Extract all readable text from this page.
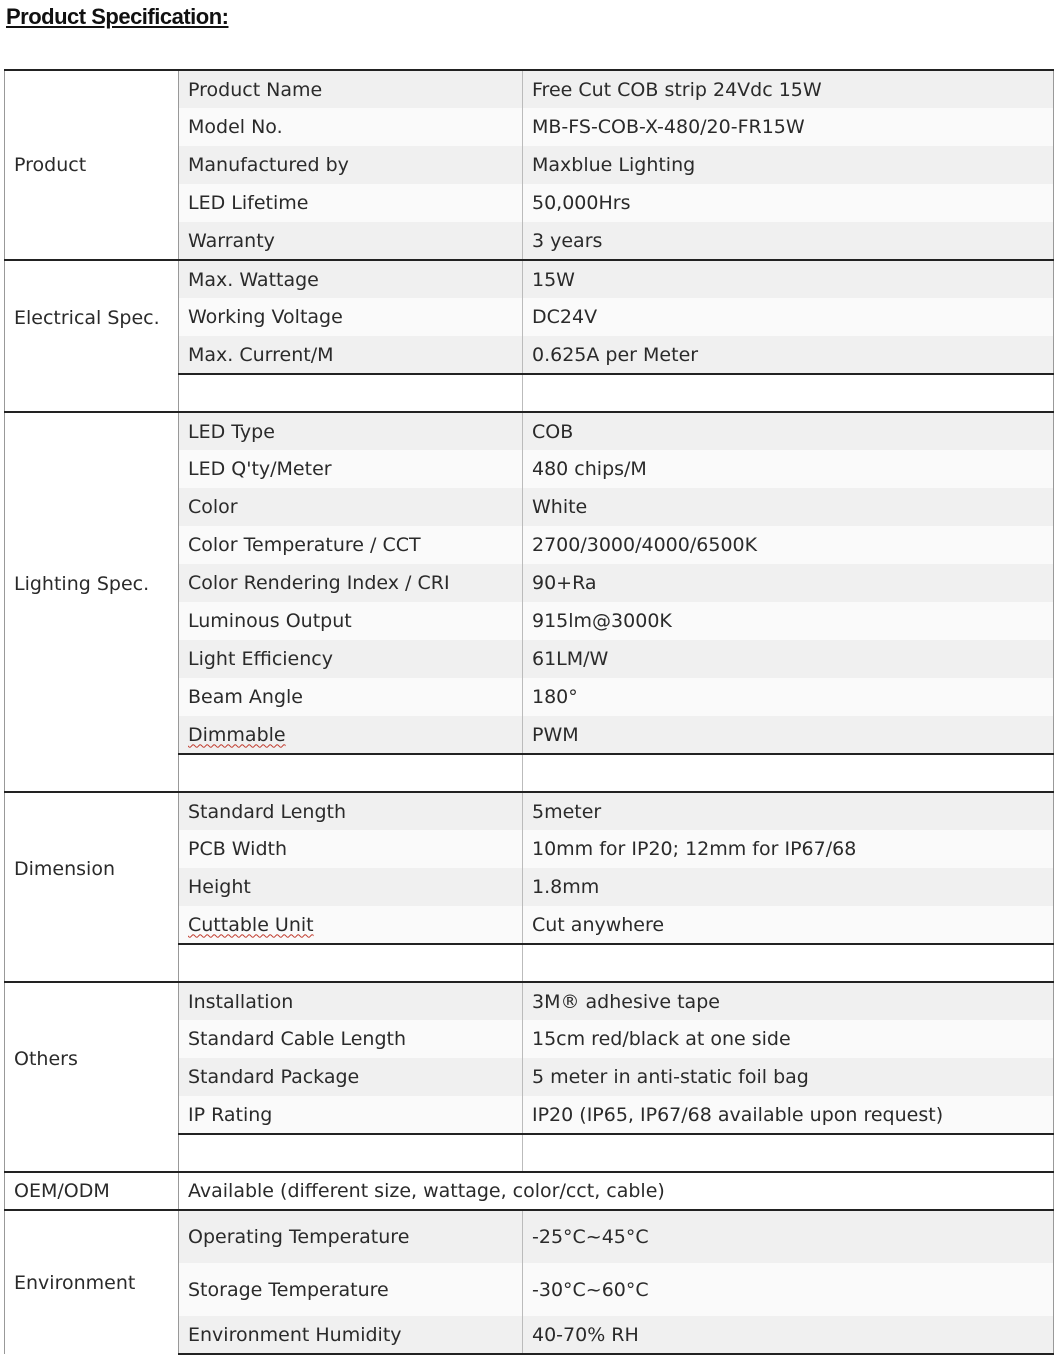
Product Specification:
Product	Product Name	Free Cut COB strip 24Vdc 15W
	Model No.	MB-FS-COB-X-480/20-FR15W
	Manufactured by	Maxblue Lighting
	LED Lifetime	50,000Hrs
	Warranty	3 years
Electrical Spec.	Max. Wattage	15W
	Working Voltage	DC24V
	Max. Current/M	0.625A per Meter

Lighting Spec.	LED Type	COB
	LED Q'ty/Meter	480 chips/M
	Color	White
	Color Temperature / CCT	2700/3000/4000/6500K
	Color Rendering Index / CRI	90+Ra
	Luminous Output	915lm@3000K
	Light Efficiency	61LM/W
	Beam Angle	180°
	Dimmable	PWM

Dimension	Standard Length	5meter
	PCB Width	10mm for IP20; 12mm for IP67/68
	Height	1.8mm
	Cuttable Unit	Cut anywhere

Others	Installation	3M® adhesive tape
	Standard Cable Length	15cm red/black at one side
	Standard Package	5 meter in anti-static foil bag
	IP Rating	IP20 (IP65, IP67/68 available upon request)

OEM/ODM	Available (different size, wattage, color/cct, cable)	
Environment	Operating Temperature	-25°C~45°C
	Storage Temperature	-30°C~60°C
	Environment Humidity	40-70% RH
